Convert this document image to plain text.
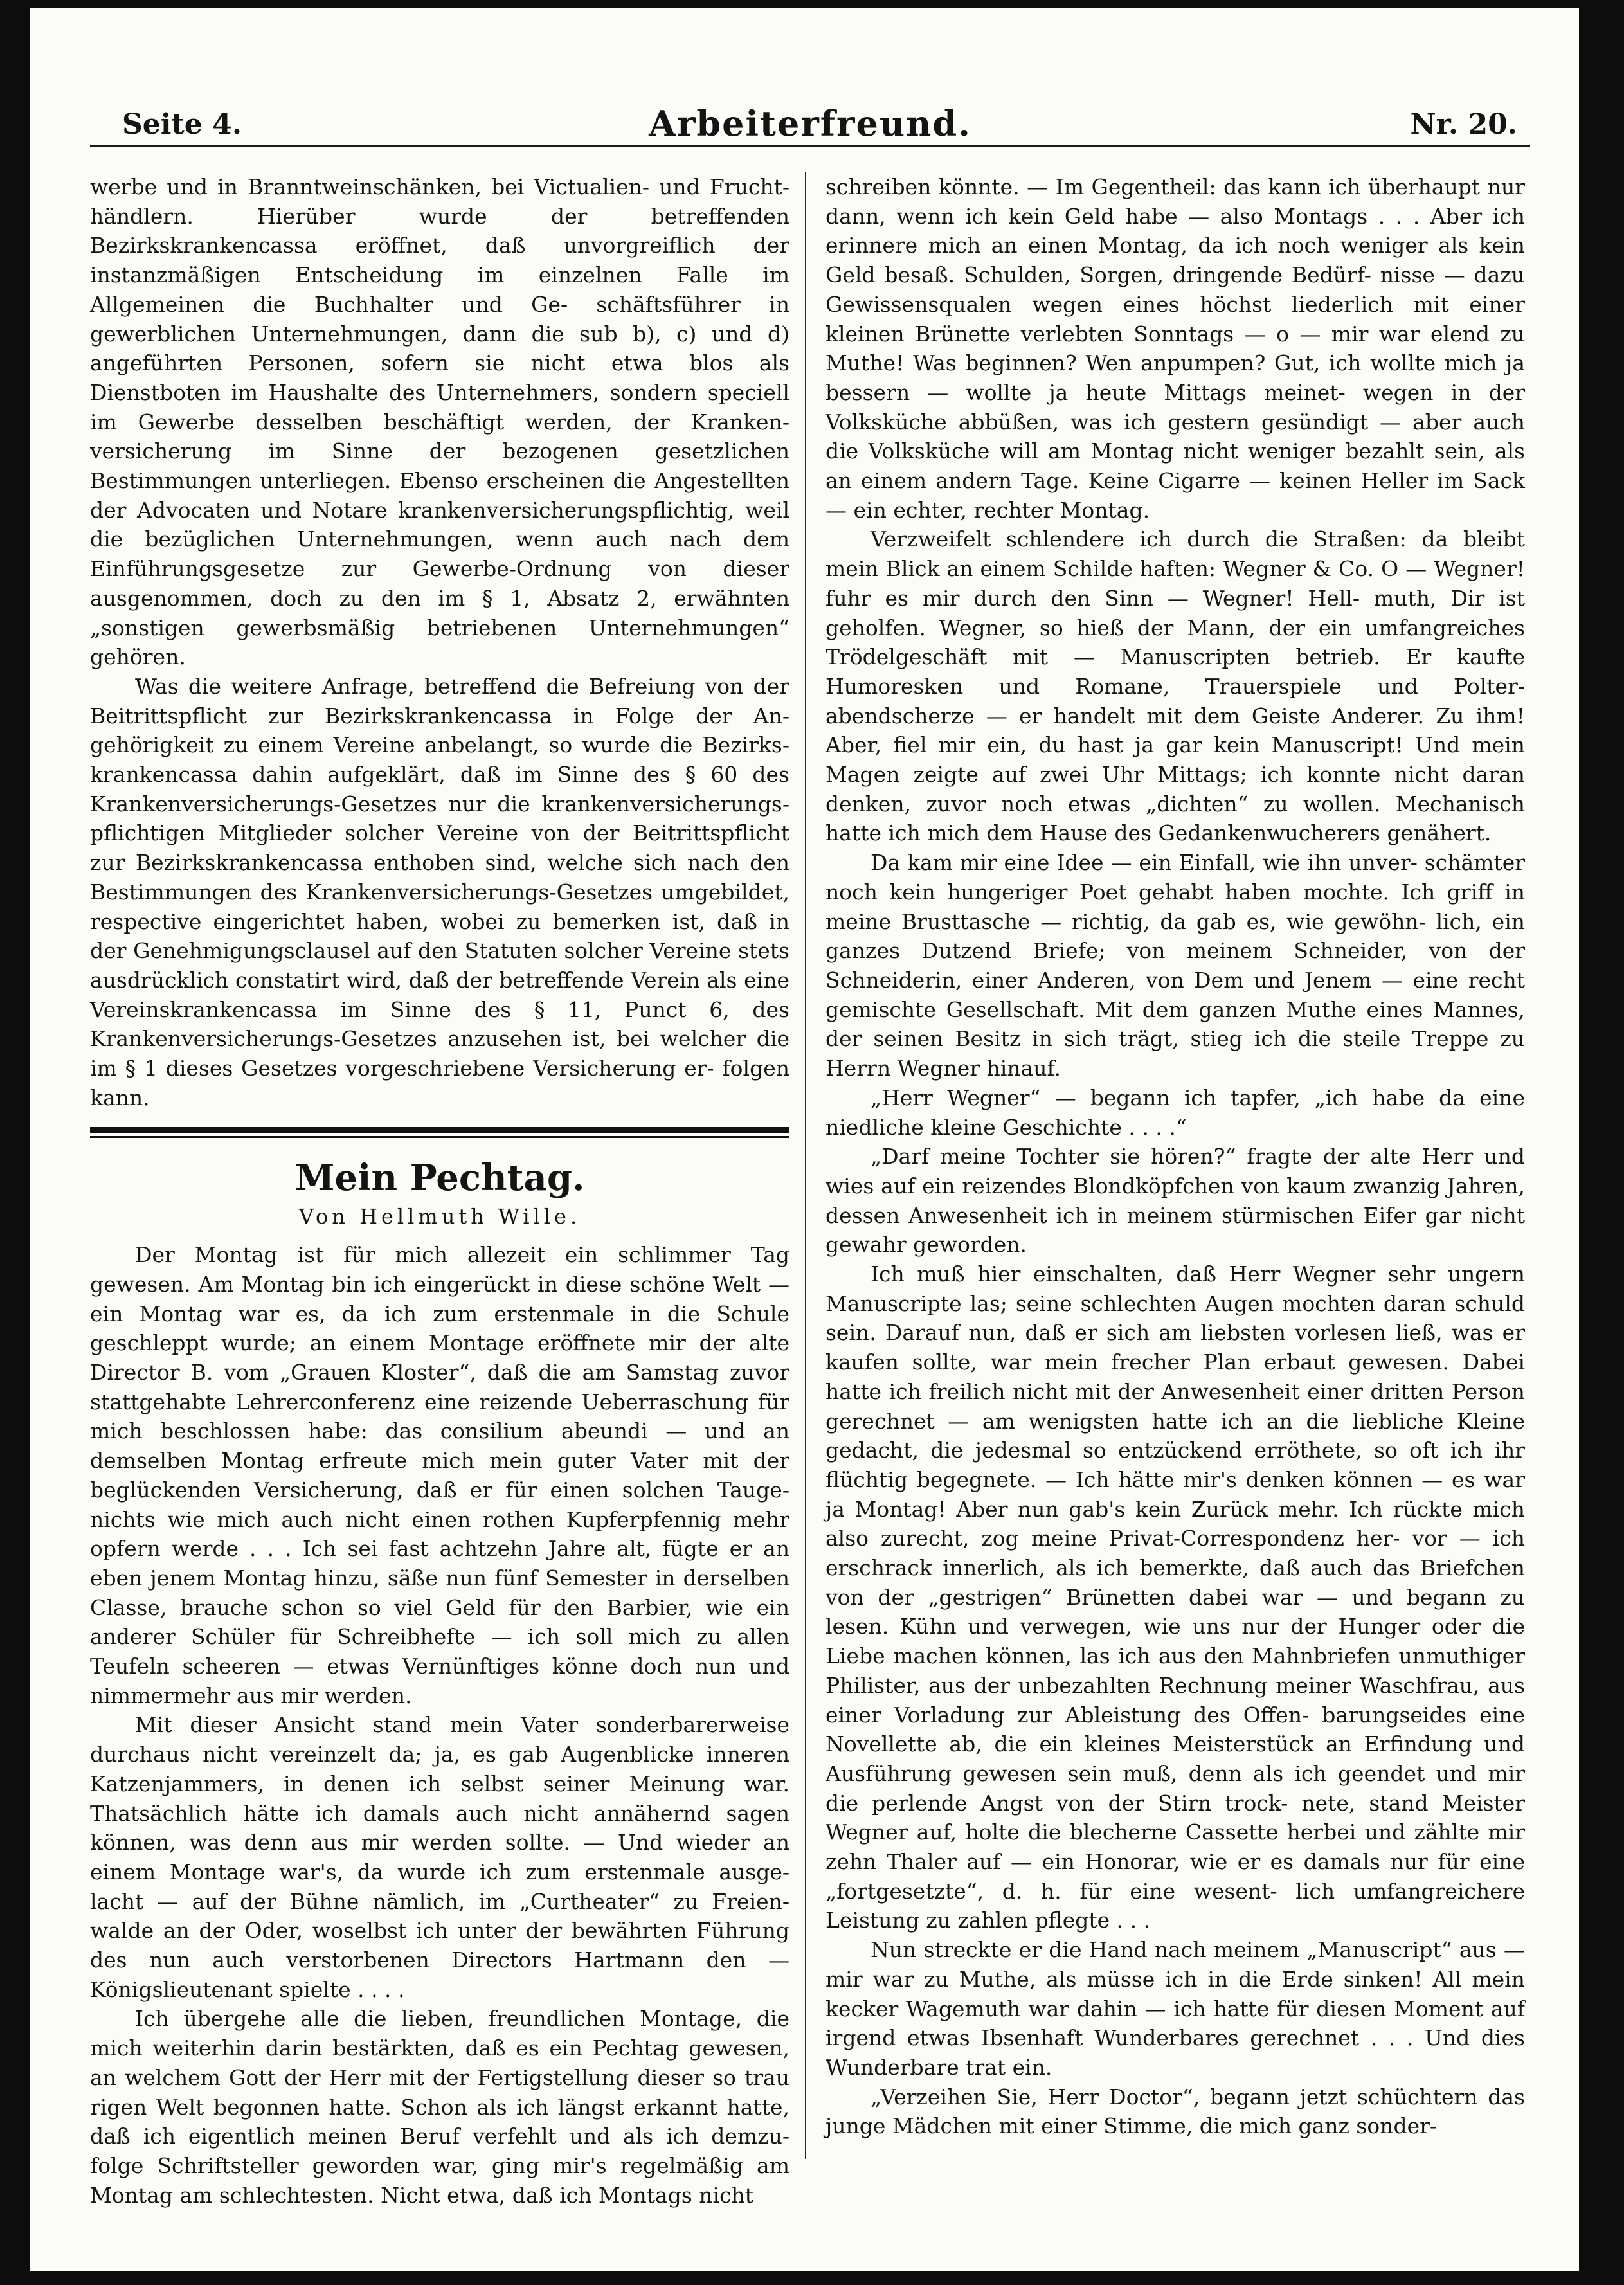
Seite 4.	Arbeiterfreund.	Nr. 20.

werbe und in Branntweinschänken, bei Victualien- und Frucht- händlern. Hierüber wurde der betreffenden Bezirkskrankencassa eröffnet, daß unvorgreiflich der instanzmäßigen Entscheidung im einzelnen Falle im Allgemeinen die Buchhalter und Ge- schäftsführer in gewerblichen Unternehmungen, dann die sub b), c) und d) angeführten Personen, sofern sie nicht etwa blos als Dienstboten im Haushalte des Unternehmers, sondern speciell im Gewerbe desselben beschäftigt werden, der Kranken- versicherung im Sinne der bezogenen gesetzlichen Bestimmungen unterliegen. Ebenso erscheinen die Angestellten der Advocaten und Notare krankenversicherungspflichtig, weil die bezüglichen Unternehmungen, wenn auch nach dem Einführungsgesetze zur Gewerbe-Ordnung von dieser ausgenommen, doch zu den im § 1, Absatz 2, erwähnten „sonstigen gewerbsmäßig betriebenen Unternehmungen“ gehören.

Was die weitere Anfrage, betreffend die Befreiung von der Beitrittspflicht zur Bezirkskrankencassa in Folge der An- gehörigkeit zu einem Vereine anbelangt, so wurde die Bezirks- krankencassa dahin aufgeklärt, daß im Sinne des § 60 des Krankenversicherungs-Gesetzes nur die krankenversicherungs- pflichtigen Mitglieder solcher Vereine von der Beitrittspflicht zur Bezirkskrankencassa enthoben sind, welche sich nach den Bestimmungen des Krankenversicherungs-Gesetzes umgebildet, respective eingerichtet haben, wobei zu bemerken ist, daß in der Genehmigungsclausel auf den Statuten solcher Vereine stets ausdrücklich constatirt wird, daß der betreffende Verein als eine Vereinskrankencassa im Sinne des § 11, Punct 6, des Krankenversicherungs-Gesetzes anzusehen ist, bei welcher die im § 1 dieses Gesetzes vorgeschriebene Versicherung er- folgen kann.

Mein Pechtag.
Von Hellmuth Wille.

Der Montag ist für mich allezeit ein schlimmer Tag gewesen. Am Montag bin ich eingerückt in diese schöne Welt — ein Montag war es, da ich zum erstenmale in die Schule geschleppt wurde; an einem Montage eröffnete mir der alte Director B. vom „Grauen Kloster“, daß die am Samstag zuvor stattgehabte Lehrerconferenz eine reizende Ueberraschung für mich beschlossen habe: das consilium abeundi — und an demselben Montag erfreute mich mein guter Vater mit der beglückenden Versicherung, daß er für einen solchen Tauge- nichts wie mich auch nicht einen rothen Kupferpfennig mehr opfern werde . . . Ich sei fast achtzehn Jahre alt, fügte er an eben jenem Montag hinzu, säße nun fünf Semester in derselben Classe, brauche schon so viel Geld für den Barbier, wie ein anderer Schüler für Schreibhefte — ich soll mich zu allen Teufeln scheeren — etwas Vernünftiges könne doch nun und nimmermehr aus mir werden.

Mit dieser Ansicht stand mein Vater sonderbarerweise durchaus nicht vereinzelt da; ja, es gab Augenblicke inneren Katzenjammers, in denen ich selbst seiner Meinung war. Thatsächlich hätte ich damals auch nicht annähernd sagen können, was denn aus mir werden sollte. — Und wieder an einem Montage war's, da wurde ich zum erstenmale ausge- lacht — auf der Bühne nämlich, im „Curtheater“ zu Freien- walde an der Oder, woselbst ich unter der bewährten Führung des nun auch verstorbenen Directors Hartmann den — Königslieutenant spielte . . . .

Ich übergehe alle die lieben, freundlichen Montage, die mich weiterhin darin bestärkten, daß es ein Pechtag gewesen, an welchem Gott der Herr mit der Fertigstellung dieser so trau rigen Welt begonnen hatte. Schon als ich längst erkannt hatte, daß ich eigentlich meinen Beruf verfehlt und als ich demzu- folge Schriftsteller geworden war, ging mir's regelmäßig am Montag am schlechtesten. Nicht etwa, daß ich Montags nicht

schreiben könnte. — Im Gegentheil: das kann ich überhaupt nur dann, wenn ich kein Geld habe — also Montags . . . Aber ich erinnere mich an einen Montag, da ich noch weniger als kein Geld besaß. Schulden, Sorgen, dringende Bedürf- nisse — dazu Gewissensqualen wegen eines höchst liederlich mit einer kleinen Brünette verlebten Sonntags — o — mir war elend zu Muthe! Was beginnen? Wen anpumpen? Gut, ich wollte mich ja bessern — wollte ja heute Mittags meinet- wegen in der Volksküche abbüßen, was ich gestern gesündigt — aber auch die Volksküche will am Montag nicht weniger bezahlt sein, als an einem andern Tage. Keine Cigarre — keinen Heller im Sack — ein echter, rechter Montag.

Verzweifelt schlendere ich durch die Straßen: da bleibt mein Blick an einem Schilde haften: Wegner & Co. O — Wegner! fuhr es mir durch den Sinn — Wegner! Hell- muth, Dir ist geholfen. Wegner, so hieß der Mann, der ein umfangreiches Trödelgeschäft mit — Manuscripten betrieb. Er kaufte Humoresken und Romane, Trauerspiele und Polter- abendscherze — er handelt mit dem Geiste Anderer. Zu ihm! Aber, fiel mir ein, du hast ja gar kein Manuscript! Und mein Magen zeigte auf zwei Uhr Mittags; ich konnte nicht daran denken, zuvor noch etwas „dichten“ zu wollen. Mechanisch hatte ich mich dem Hause des Gedankenwucherers genähert.

Da kam mir eine Idee — ein Einfall, wie ihn unver- schämter noch kein hungeriger Poet gehabt haben mochte. Ich griff in meine Brusttasche — richtig, da gab es, wie gewöhn- lich, ein ganzes Dutzend Briefe; von meinem Schneider, von der Schneiderin, einer Anderen, von Dem und Jenem — eine recht gemischte Gesellschaft. Mit dem ganzen Muthe eines Mannes, der seinen Besitz in sich trägt, stieg ich die steile Treppe zu Herrn Wegner hinauf.

„Herr Wegner“ — begann ich tapfer, „ich habe da eine niedliche kleine Geschichte . . . .“

„Darf meine Tochter sie hören?“ fragte der alte Herr und wies auf ein reizendes Blondköpfchen von kaum zwanzig Jahren, dessen Anwesenheit ich in meinem stürmischen Eifer gar nicht gewahr geworden.

Ich muß hier einschalten, daß Herr Wegner sehr ungern Manuscripte las; seine schlechten Augen mochten daran schuld sein. Darauf nun, daß er sich am liebsten vorlesen ließ, was er kaufen sollte, war mein frecher Plan erbaut gewesen. Dabei hatte ich freilich nicht mit der Anwesenheit einer dritten Person gerechnet — am wenigsten hatte ich an die liebliche Kleine gedacht, die jedesmal so entzückend erröthete, so oft ich ihr flüchtig begegnete. — Ich hätte mir's denken können — es war ja Montag! Aber nun gab's kein Zurück mehr. Ich rückte mich also zurecht, zog meine Privat-Correspondenz her- vor — ich erschrack innerlich, als ich bemerkte, daß auch das Briefchen von der „gestrigen“ Brünetten dabei war — und begann zu lesen. Kühn und verwegen, wie uns nur der Hunger oder die Liebe machen können, las ich aus den Mahnbriefen unmuthiger Philister, aus der unbezahlten Rechnung meiner Waschfrau, aus einer Vorladung zur Ableistung des Offen- barungseides eine Novellette ab, die ein kleines Meisterstück an Erfindung und Ausführung gewesen sein muß, denn als ich geendet und mir die perlende Angst von der Stirn trock- nete, stand Meister Wegner auf, holte die blecherne Cassette herbei und zählte mir zehn Thaler auf — ein Honorar, wie er es damals nur für eine „fortgesetzte“, d. h. für eine wesent- lich umfangreichere Leistung zu zahlen pflegte . . .

Nun streckte er die Hand nach meinem „Manuscript“ aus — mir war zu Muthe, als müsse ich in die Erde sinken! All mein kecker Wagemuth war dahin — ich hatte für diesen Moment auf irgend etwas Ibsenhaft Wunderbares gerechnet . . . Und dies Wunderbare trat ein.

„Verzeihen Sie, Herr Doctor“, begann jetzt schüchtern das junge Mädchen mit einer Stimme, die mich ganz sonder-
